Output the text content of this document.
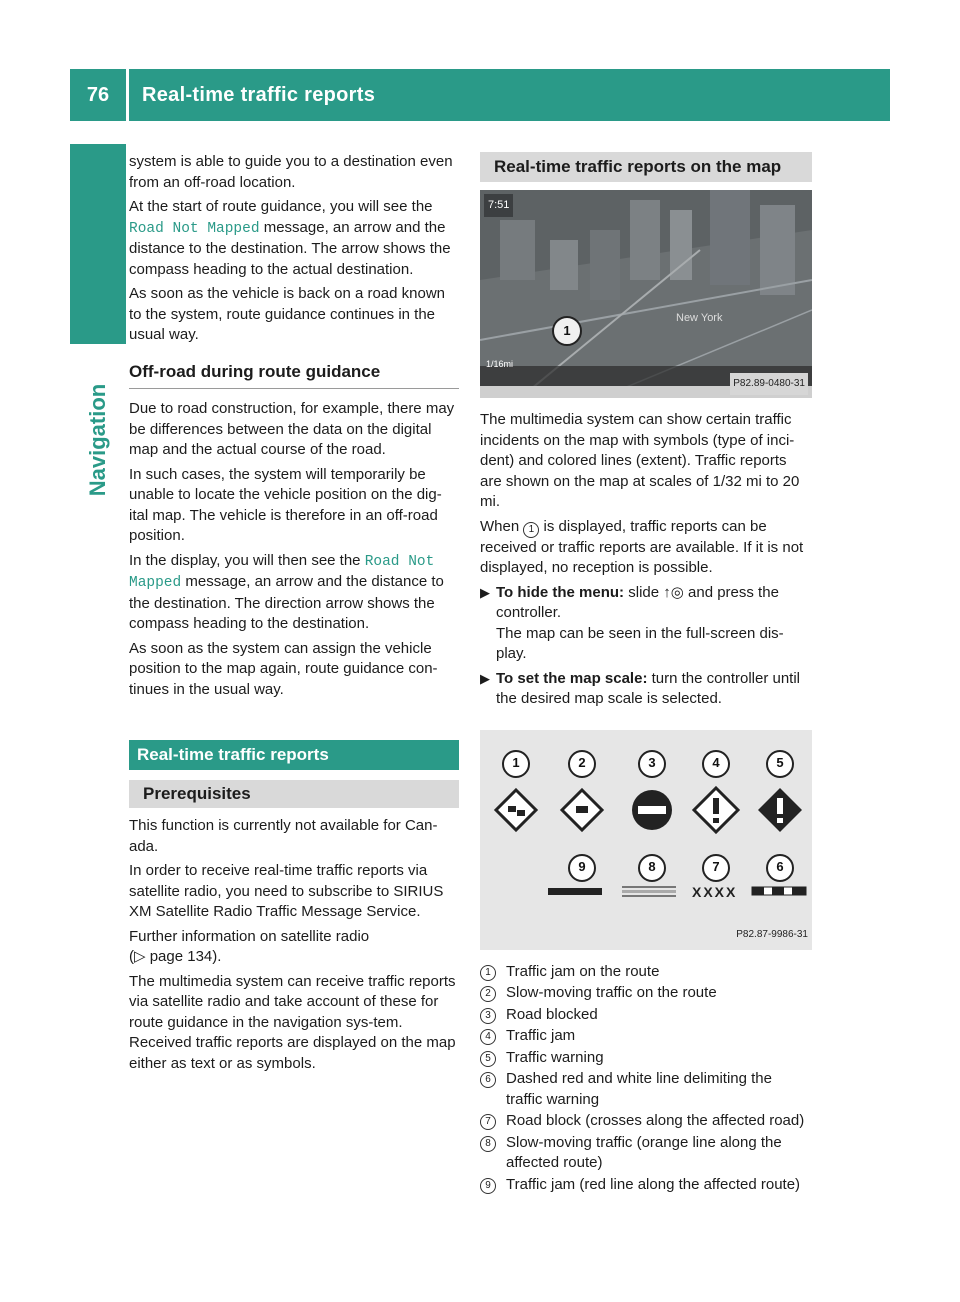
76	Real-time traffic reports
Navigation

system is able to guide you to a destination even from an off-road location.

At the start of route guidance, you will see the Road Not Mapped message, an arrow and the distance to the destination. The arrow shows the compass heading to the actual destination.

As soon as the vehicle is back on a road known to the system, route guidance continues in the usual way.

Off-road during route guidance

Due to road construction, for example, there may be differences between the data on the digital map and the actual course of the road.

In such cases, the system will temporarily be unable to locate the vehicle position on the dig-ital map. The vehicle is therefore in an off-road position.

In the display, you will then see the Road Not Mapped message, an arrow and the distance to the destination. The direction arrow shows the compass heading to the destination.

As soon as the system can assign the vehicle position to the map again, route guidance con-tinues in the usual way.

Real-time traffic reports
Prerequisites

This function is currently not available for Can-ada.

In order to receive real-time traffic reports via satellite radio, you need to subscribe to SIRIUS XM Satellite Radio Traffic Message Service.

Further information on satellite radio
(▷ page 134).

The multimedia system can receive traffic reports via satellite radio and take account of these for route guidance in the navigation sys-tem. Received traffic reports are displayed on the map either as text or as symbols.

Real-time traffic reports on the map
7:51
New York
1
1/16mi
P82.89-0480-31

The multimedia system can show certain traffic incidents on the map with symbols (type of inci-dent) and colored lines (extent). Traffic reports are shown on the map at scales of 1/32 mi to 20 mi.

When 1 is displayed, traffic reports can be received or traffic reports are available. If it is not displayed, no reception is possible.

▶ To hide the menu: slide ↑◎ and press the controller.
The map can be seen in the full-screen dis-play.
▶ To set the map scale: turn the controller until the desired map scale is selected.
1	2	3	4	5
9	8	7	6
XXXX
P82.87-9986-31
1	Traffic jam on the route
2	Slow-moving traffic on the route
3	Road blocked
4	Traffic jam
5	Traffic warning
6	Dashed red and white line delimiting the traffic warning
7	Road block (crosses along the affected road)
8	Slow-moving traffic (orange line along the affected route)
9	Traffic jam (red line along the affected route)
